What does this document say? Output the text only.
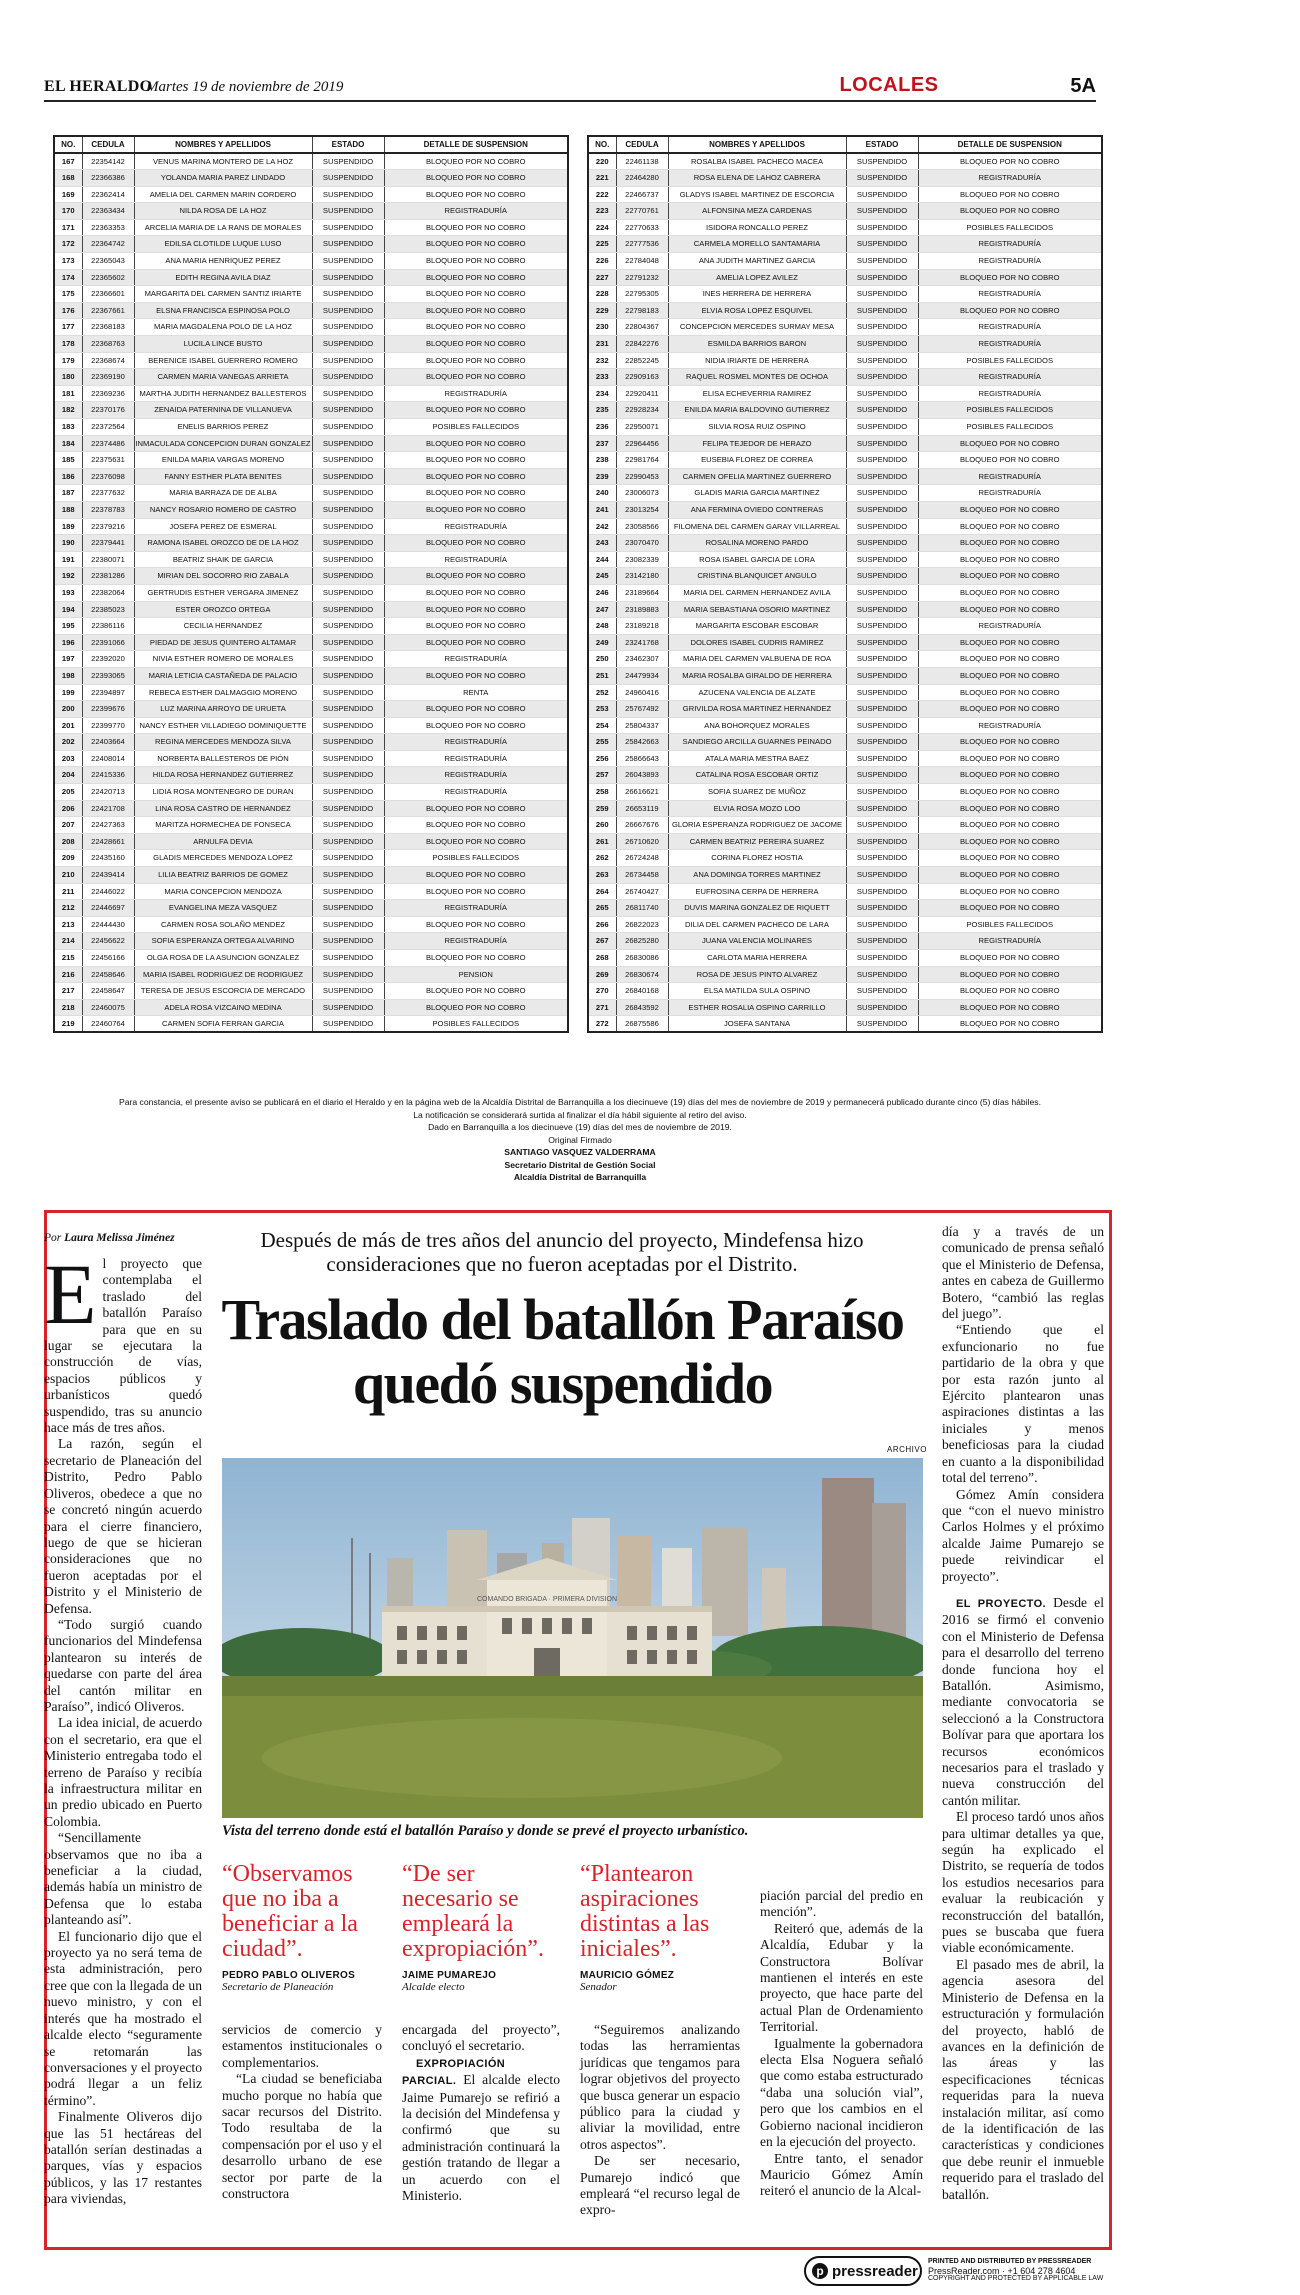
EL HERALDO
Martes 19 de noviembre de 2019	LOCALES	5A
NO.	CEDULA	NOMBRES Y APELLIDOS	ESTADO	DETALLE DE SUSPENSION
167	22354142	VENUS MARINA MONTERO DE LA HOZ	SUSPENDIDO	BLOQUEO POR NO COBRO
168	22366386	YOLANDA MARIA PAREZ LINDADO	SUSPENDIDO	BLOQUEO POR NO COBRO
169	22362414	AMELIA DEL CARMEN MARIN CORDERO	SUSPENDIDO	BLOQUEO POR NO COBRO
170	22363434	NILDA ROSA DE LA HOZ	SUSPENDIDO	REGISTRADURÍA
171	22363353	ARCELIA MARIA DE LA RANS DE MORALES	SUSPENDIDO	BLOQUEO POR NO COBRO
172	22364742	EDILSA CLOTILDE LUQUE LUSO	SUSPENDIDO	BLOQUEO POR NO COBRO
173	22365043	ANA MARIA HENRIQUEZ PEREZ	SUSPENDIDO	BLOQUEO POR NO COBRO
174	22365602	EDITH REGINA AVILA DIAZ	SUSPENDIDO	BLOQUEO POR NO COBRO
175	22366601	MARGARITA DEL CARMEN SANTIZ IRIARTE	SUSPENDIDO	BLOQUEO POR NO COBRO
176	22367661	ELSNA FRANCISCA ESPINOSA POLO	SUSPENDIDO	BLOQUEO POR NO COBRO
177	22368183	MARIA MAGDALENA POLO DE LA HOZ	SUSPENDIDO	BLOQUEO POR NO COBRO
178	22368763	LUCILA LINCE BUSTO	SUSPENDIDO	BLOQUEO POR NO COBRO
179	22368674	BERENICE ISABEL GUERRERO ROMERO	SUSPENDIDO	BLOQUEO POR NO COBRO
180	22369190	CARMEN MARIA VANEGAS ARRIETA	SUSPENDIDO	BLOQUEO POR NO COBRO
181	22369236	MARTHA JUDITH HERNANDEZ BALLESTEROS	SUSPENDIDO	REGISTRADURÍA
182	22370176	ZENAIDA PATERNINA DE VILLANUEVA	SUSPENDIDO	BLOQUEO POR NO COBRO
183	22372564	ENELIS BARRIOS PEREZ	SUSPENDIDO	POSIBLES FALLECIDOS
184	22374486	INMACULADA CONCEPCION DURAN GONZALEZ	SUSPENDIDO	BLOQUEO POR NO COBRO
185	22375631	ENILDA MARIA VARGAS MORENO	SUSPENDIDO	BLOQUEO POR NO COBRO
186	22376098	FANNY ESTHER PLATA BENITES	SUSPENDIDO	BLOQUEO POR NO COBRO
187	22377632	MARIA BARRAZA DE DE ALBA	SUSPENDIDO	BLOQUEO POR NO COBRO
188	22378783	NANCY ROSARIO ROMERO DE CASTRO	SUSPENDIDO	BLOQUEO POR NO COBRO
189	22379216	JOSEFA PEREZ DE ESMERAL	SUSPENDIDO	REGISTRADURÍA
190	22379441	RAMONA ISABEL OROZCO DE DE LA HOZ	SUSPENDIDO	BLOQUEO POR NO COBRO
191	22380071	BEATRIZ SHAIK DE GARCIA	SUSPENDIDO	REGISTRADURÍA
192	22381286	MIRIAN DEL SOCORRO RIO ZABALA	SUSPENDIDO	BLOQUEO POR NO COBRO
193	22382064	GERTRUDIS ESTHER VERGARA JIMENEZ	SUSPENDIDO	BLOQUEO POR NO COBRO
194	22385023	ESTER OROZCO ORTEGA	SUSPENDIDO	BLOQUEO POR NO COBRO
195	22386116	CECILIA HERNANDEZ	SUSPENDIDO	BLOQUEO POR NO COBRO
196	22391066	PIEDAD DE JESUS QUINTERO ALTAMAR	SUSPENDIDO	BLOQUEO POR NO COBRO
197	22392020	NIVIA ESTHER ROMERO DE MORALES	SUSPENDIDO	REGISTRADURÍA
198	22393065	MARIA LETICIA CASTAÑEDA DE PALACIO	SUSPENDIDO	BLOQUEO POR NO COBRO
199	22394897	REBECA ESTHER DALMAGGIO MORENO	SUSPENDIDO	RENTA
200	22399676	LUZ MARINA ARROYO DE URUETA	SUSPENDIDO	BLOQUEO POR NO COBRO
201	22399770	NANCY ESTHER VILLADIEGO DOMINIQUETTE	SUSPENDIDO	BLOQUEO POR NO COBRO
202	22403664	REGINA MERCEDES MENDOZA SILVA	SUSPENDIDO	REGISTRADURÍA
203	22408014	NORBERTA BALLESTEROS DE PIÓN	SUSPENDIDO	REGISTRADURÍA
204	22415336	HILDA ROSA HERNANDEZ GUTIERREZ	SUSPENDIDO	REGISTRADURÍA
205	22420713	LIDIA ROSA MONTENEGRO DE DURAN	SUSPENDIDO	REGISTRADURÍA
206	22421708	LINA ROSA CASTRO DE HERNANDEZ	SUSPENDIDO	BLOQUEO POR NO COBRO
207	22427363	MARITZA HORMECHEA DE FONSECA	SUSPENDIDO	BLOQUEO POR NO COBRO
208	22428661	ARNULFA DEVIA	SUSPENDIDO	BLOQUEO POR NO COBRO
209	22435160	GLADIS MERCEDES MENDOZA LOPEZ	SUSPENDIDO	POSIBLES FALLECIDOS
210	22439414	LILIA BEATRIZ BARRIOS DE GOMEZ	SUSPENDIDO	BLOQUEO POR NO COBRO
211	22446022	MARIA CONCEPCION MENDOZA	SUSPENDIDO	BLOQUEO POR NO COBRO
212	22446697	EVANGELINA MEZA VASQUEZ	SUSPENDIDO	REGISTRADURÍA
213	22444430	CARMEN ROSA SOLAÑO MENDEZ	SUSPENDIDO	BLOQUEO POR NO COBRO
214	22456622	SOFIA ESPERANZA ORTEGA ALVARINO	SUSPENDIDO	REGISTRADURÍA
215	22456166	OLGA ROSA DE LA ASUNCION GONZALEZ	SUSPENDIDO	BLOQUEO POR NO COBRO
216	22458646	MARIA ISABEL RODRIGUEZ DE RODRIGUEZ	SUSPENDIDO	PENSION
217	22458647	TERESA DE JESUS ESCORCIA DE MERCADO	SUSPENDIDO	BLOQUEO POR NO COBRO
218	22460075	ADELA ROSA VIZCAINO MEDINA	SUSPENDIDO	BLOQUEO POR NO COBRO
219	22460764	CARMEN SOFIA FERRAN GARCIA	SUSPENDIDO	POSIBLES FALLECIDOS
NO.	CEDULA	NOMBRES Y APELLIDOS	ESTADO	DETALLE DE SUSPENSION
220	22461138	ROSALBA ISABEL PACHECO MACEA	SUSPENDIDO	BLOQUEO POR NO COBRO
221	22464280	ROSA ELENA DE LAHOZ CABRERA	SUSPENDIDO	REGISTRADURÍA
222	22466737	GLADYS ISABEL MARTINEZ DE ESCORCIA	SUSPENDIDO	BLOQUEO POR NO COBRO
223	22770761	ALFONSINA MEZA CARDENAS	SUSPENDIDO	BLOQUEO POR NO COBRO
224	22770633	ISIDORA RONCALLO PEREZ	SUSPENDIDO	POSIBLES FALLECIDOS
225	22777536	CARMELA MORELLO SANTAMARIA	SUSPENDIDO	REGISTRADURÍA
226	22784048	ANA JUDITH MARTINEZ GARCIA	SUSPENDIDO	REGISTRADURÍA
227	22791232	AMELIA LOPEZ AVILEZ	SUSPENDIDO	BLOQUEO POR NO COBRO
228	22795305	INES HERRERA DE HERRERA	SUSPENDIDO	REGISTRADURÍA
229	22798183	ELVIA ROSA LOPEZ ESQUIVEL	SUSPENDIDO	BLOQUEO POR NO COBRO
230	22804367	CONCEPCION MERCEDES SURMAY MESA	SUSPENDIDO	REGISTRADURÍA
231	22842276	ESMILDA BARRIOS BARON	SUSPENDIDO	REGISTRADURÍA
232	22852245	NIDIA IRIARTE DE HERRERA	SUSPENDIDO	POSIBLES FALLECIDOS
233	22909163	RAQUEL ROSMEL MONTES DE OCHOA	SUSPENDIDO	REGISTRADURÍA
234	22920411	ELISA ECHEVERRIA RAMIREZ	SUSPENDIDO	REGISTRADURÍA
235	22928234	ENILDA MARIA BALDOVINO GUTIERREZ	SUSPENDIDO	POSIBLES FALLECIDOS
236	22950071	SILVIA ROSA RUIZ OSPINO	SUSPENDIDO	POSIBLES FALLECIDOS
237	22964456	FELIPA TEJEDOR DE HERAZO	SUSPENDIDO	BLOQUEO POR NO COBRO
238	22981764	EUSEBIA FLOREZ DE CORREA	SUSPENDIDO	BLOQUEO POR NO COBRO
239	22990453	CARMEN OFELIA MARTINEZ GUERRERO	SUSPENDIDO	REGISTRADURÍA
240	23006073	GLADIS MARIA GARCIA MARTINEZ	SUSPENDIDO	REGISTRADURÍA
241	23013254	ANA FERMINA OVIEDO CONTRERAS	SUSPENDIDO	BLOQUEO POR NO COBRO
242	23058566	FILOMENA DEL CARMEN GARAY VILLARREAL	SUSPENDIDO	BLOQUEO POR NO COBRO
243	23070470	ROSALINA MORENO PARDO	SUSPENDIDO	BLOQUEO POR NO COBRO
244	23082339	ROSA ISABEL GARCIA DE LORA	SUSPENDIDO	BLOQUEO POR NO COBRO
245	23142180	CRISTINA BLANQUICET ANGULO	SUSPENDIDO	BLOQUEO POR NO COBRO
246	23189664	MARIA DEL CARMEN HERNANDEZ AVILA	SUSPENDIDO	BLOQUEO POR NO COBRO
247	23189883	MARIA SEBASTIANA OSORIO MARTINEZ	SUSPENDIDO	BLOQUEO POR NO COBRO
248	23189218	MARGARITA ESCOBAR ESCOBAR	SUSPENDIDO	REGISTRADURÍA
249	23241768	DOLORES ISABEL CUDRIS RAMIREZ	SUSPENDIDO	BLOQUEO POR NO COBRO
250	23462307	MARIA DEL CARMEN VALBUENA DE ROA	SUSPENDIDO	BLOQUEO POR NO COBRO
251	24479934	MARIA ROSALBA GIRALDO DE HERRERA	SUSPENDIDO	BLOQUEO POR NO COBRO
252	24960416	AZUCENA VALENCIA DE ALZATE	SUSPENDIDO	BLOQUEO POR NO COBRO
253	25767492	GRIVILDA ROSA MARTINEZ HERNANDEZ	SUSPENDIDO	BLOQUEO POR NO COBRO
254	25804337	ANA BOHORQUEZ MORALES	SUSPENDIDO	REGISTRADURÍA
255	25842663	SANDIEGO ARCILLA GUARNES PEINADO	SUSPENDIDO	BLOQUEO POR NO COBRO
256	25866643	ATALA MARIA MESTRA BAEZ	SUSPENDIDO	BLOQUEO POR NO COBRO
257	26043893	CATALINA ROSA ESCOBAR ORTIZ	SUSPENDIDO	BLOQUEO POR NO COBRO
258	26616621	SOFIA SUAREZ DE MUÑOZ	SUSPENDIDO	BLOQUEO POR NO COBRO
259	26653119	ELVIA ROSA MOZO LOO	SUSPENDIDO	BLOQUEO POR NO COBRO
260	26667676	GLORIA ESPERANZA RODRIGUEZ DE JACOME	SUSPENDIDO	BLOQUEO POR NO COBRO
261	26710620	CARMEN BEATRIZ PEREIRA SUAREZ	SUSPENDIDO	BLOQUEO POR NO COBRO
262	26724248	CORINA FLOREZ HOSTIA	SUSPENDIDO	BLOQUEO POR NO COBRO
263	26734458	ANA DOMINGA TORRES MARTINEZ	SUSPENDIDO	BLOQUEO POR NO COBRO
264	26740427	EUFROSINA CERPA DE HERRERA	SUSPENDIDO	BLOQUEO POR NO COBRO
265	26811740	DUVIS MARINA GONZALEZ DE RIQUETT	SUSPENDIDO	BLOQUEO POR NO COBRO
266	26822023	DILIA DEL CARMEN PACHECO DE LARA	SUSPENDIDO	POSIBLES FALLECIDOS
267	26825280	JUANA VALENCIA MOLINARES	SUSPENDIDO	REGISTRADURÍA
268	26830086	CARLOTA MARIA HERRERA	SUSPENDIDO	BLOQUEO POR NO COBRO
269	26830674	ROSA DE JESUS PINTO ALVAREZ	SUSPENDIDO	BLOQUEO POR NO COBRO
270	26840168	ELSA MATILDA SULA OSPINO	SUSPENDIDO	BLOQUEO POR NO COBRO
271	26843592	ESTHER ROSALIA OSPINO CARRILLO	SUSPENDIDO	BLOQUEO POR NO COBRO
272	26875586	JOSEFA SANTANA	SUSPENDIDO	BLOQUEO POR NO COBRO
Para constancia, el presente aviso se publicará en el diario el Heraldo y en la página web de la Alcaldía Distrital de Barranquilla a los diecinueve (19) días del mes de noviembre de 2019 y permanecerá publicado durante cinco (5) días hábiles.
La notificación se considerará surtida al finalizar el día hábil siguiente al retiro del aviso.
Dado en Barranquilla a los diecinueve (19) días del mes de noviembre de 2019.
Original Firmado
SANTIAGO VASQUEZ VALDERRAMA
Secretario Distrital de Gestión Social
Alcaldía Distrital de Barranquilla
Por Laura Melissa Jiménez	Después de más de tres años del anuncio del proyecto, Mindefensa hizo consideraciones que no fueron aceptadas por el Distrito.
Traslado del batallón Paraíso quedó suspendido
ARCHIVO
COMANDO BRIGADA · PRIMERA DIVISION
Vista del terreno donde está el batallón Paraíso y donde se prevé el proyecto urbanístico.

El proyecto que contemplaba el traslado del batallón Paraíso para que en su lugar se ejecutara la construcción de vías, espacios públicos y urbanísticos quedó suspendido, tras su anuncio hace más de tres años.

La razón, según el secretario de Planeación del Distrito, Pedro Pablo Oliveros, obedece a que no se concretó ningún acuerdo para el cierre financiero, luego de que se hicieran consideraciones que no fueron aceptadas por el Distrito y el Ministerio de Defensa.

“Todo surgió cuando funcionarios del Mindefensa plantearon su interés de quedarse con parte del área del cantón militar en Paraíso”, indicó Oliveros.

La idea inicial, de acuerdo con el secretario, era que el Ministerio entregaba todo el terreno de Paraíso y recibía la infraestructura militar en un predio ubicado en Puerto Colombia.

“Sencillamente observamos que no iba a beneficiar a la ciudad, además había un ministro de Defensa que lo estaba planteando así”.

El funcionario dijo que el proyecto ya no será tema de esta administración, pero cree que con la llegada de un nuevo ministro, y con el interés que ha mostrado el alcalde electo “seguramente se retomarán las conversaciones y el proyecto podrá llegar a un feliz término”.

Finalmente Oliveros dijo que las 51 hectáreas del batallón serían destinadas a parques, vías y espacios públicos, y las 17 restantes para viviendas,

“Observamos que no iba a beneficiar a la ciudad”.
PEDRO PABLO OLIVEROS
Secretario de Planeación
“De ser necesario se empleará la expropiación”.
JAIME PUMAREJO
Alcalde electo
“Plantearon aspiraciones distintas a las iniciales”.
MAURICIO GÓMEZ
Senador

servicios de comercio y estamentos institucionales o complementarios.

“La ciudad se beneficiaba mucho porque no había que sacar recursos del Distrito. Todo resultaba de la compensación por el uso y el desarrollo urbano de ese sector por parte de la constructora

encargada del proyecto”, concluyó el secretario.

EXPROPIACIÓN PARCIAL. El alcalde electo Jaime Pumarejo se refirió a la decisión del Mindefensa y confirmó que su administración continuará la gestión tratando de llegar a un acuerdo con el Ministerio.

“Seguiremos analizando todas las herramientas jurídicas que tengamos para lograr objetivos del proyecto que busca generar un espacio público para la ciudad y aliviar la movilidad, entre otros aspectos”.

De ser necesario, Pumarejo indicó que empleará “el recurso legal de expro-

piación parcial del predio en mención”.

Reiteró que, además de la Alcaldía, Edubar y la Constructora Bolívar mantienen el interés en este proyecto, que hace parte del actual Plan de Ordenamiento Territorial.

Igualmente la gobernadora electa Elsa Noguera señaló que como estaba estructurado “daba una solución vial”, pero que los cambios en el Gobierno nacional incidieron en la ejecución del proyecto.

Entre tanto, el senador Mauricio Gómez Amín reiteró el anuncio de la Alcal-

día y a través de un comunicado de prensa señaló que el Ministerio de Defensa, antes en cabeza de Guillermo Botero, “cambió las reglas del juego”.

“Entiendo que el exfuncionario no fue partidario de la obra y que por esta razón junto al Ejército plantearon unas aspiraciones distintas a las iniciales y menos beneficiosas para la ciudad en cuanto a la disponibilidad total del terreno”.

Gómez Amín considera que “con el nuevo ministro Carlos Holmes y el próximo alcalde Jaime Pumarejo se puede reivindicar el proyecto”.

EL PROYECTO. Desde el 2016 se firmó el convenio con el Ministerio de Defensa para el desarrollo del terreno donde funciona hoy el Batallón. Asimismo, mediante convocatoria se seleccionó a la Constructora Bolívar para que aportara los recursos económicos necesarios para el traslado y nueva construcción del cantón militar.

El proceso tardó unos años para ultimar detalles ya que, según ha explicado el Distrito, se requería de todos los estudios necesarios para evaluar la reubicación y reconstrucción del batallón, pues se buscaba que fuera viable económicamente.

El pasado mes de abril, la agencia asesora del Ministerio de Defensa en la estructuración y formulación del proyecto, habló de avances en la definición de las áreas y las especificaciones técnicas requeridas para la nueva instalación militar, así como de la identificación de las características y condiciones que debe reunir el inmueble requerido para el traslado del batallón.

p pressreader
PRINTED AND DISTRIBUTED BY PRESSREADER
PressReader.com · +1 604 278 4604
COPYRIGHT AND PROTECTED BY APPLICABLE LAW
